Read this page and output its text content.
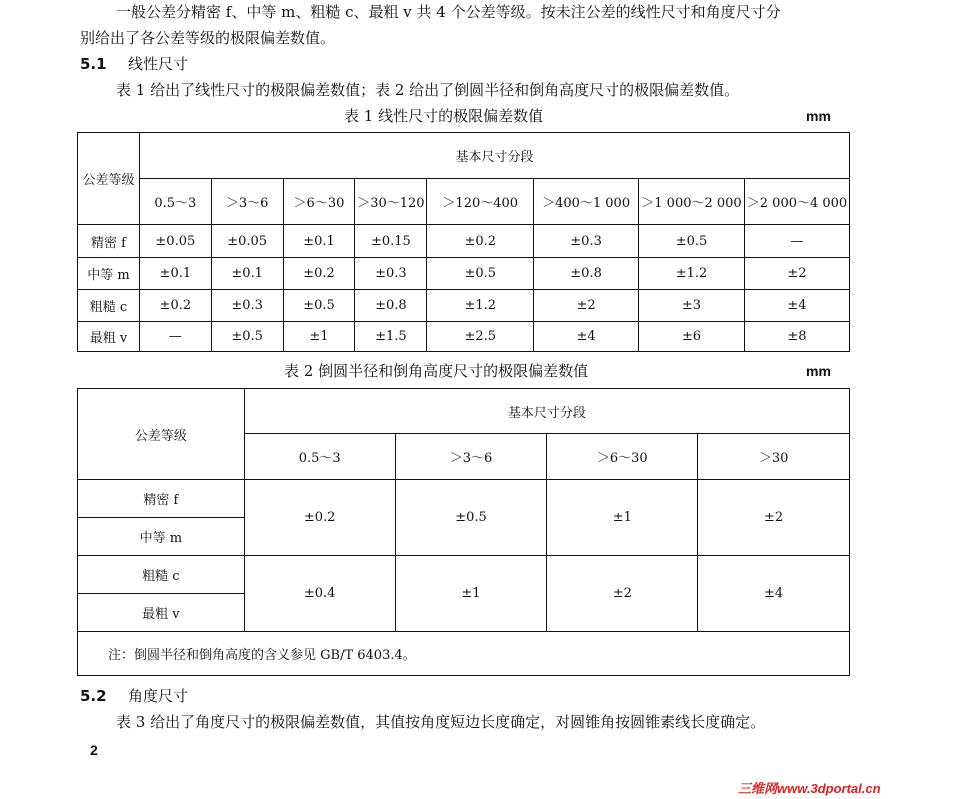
一般公差分精密 f、中等 m、粗糙 c、最粗 v 共 4 个公差等级。按未注公差的线性尺寸和角度尺寸分
别给出了各公差等级的极限偏差数值。
5.1 线性尺寸
表 1 给出了线性尺寸的极限偏差数值；表 2 给出了倒圆半径和倒角高度尺寸的极限偏差数值。
表 1 线性尺寸的极限偏差数值	mm
公差等级	基本尺寸分段							
	0.5～3	＞3～6	＞6～30	＞30～120	＞120～400	＞400～1 000	＞1 000～2 000	＞2 000～4 000
精密 f	±0.05	±0.05	±0.1	±0.15	±0.2	±0.3	±0.5	—
中等 m	±0.1	±0.1	±0.2	±0.3	±0.5	±0.8	±1.2	±2
粗糙 c	±0.2	±0.3	±0.5	±0.8	±1.2	±2	±3	±4
最粗 v	—	±0.5	±1	±1.5	±2.5	±4	±6	±8
表 2 倒圆半径和倒角高度尺寸的极限偏差数值	mm
公差等级	基本尺寸分段			
	0.5～3	＞3～6	＞6～30	＞30
精密 f	±0.2	±0.5	±1	±2
中等 m				
粗糙 c	±0.4	±1	±2	±4
最粗 v				
注：倒圆半径和倒角高度的含义参见 GB/T 6403.4。				
5.2 角度尺寸
表 3 给出了角度尺寸的极限偏差数值，其值按角度短边长度确定，对圆锥角按圆锥素线长度确定。
2
三维网www.3dportal.cn
